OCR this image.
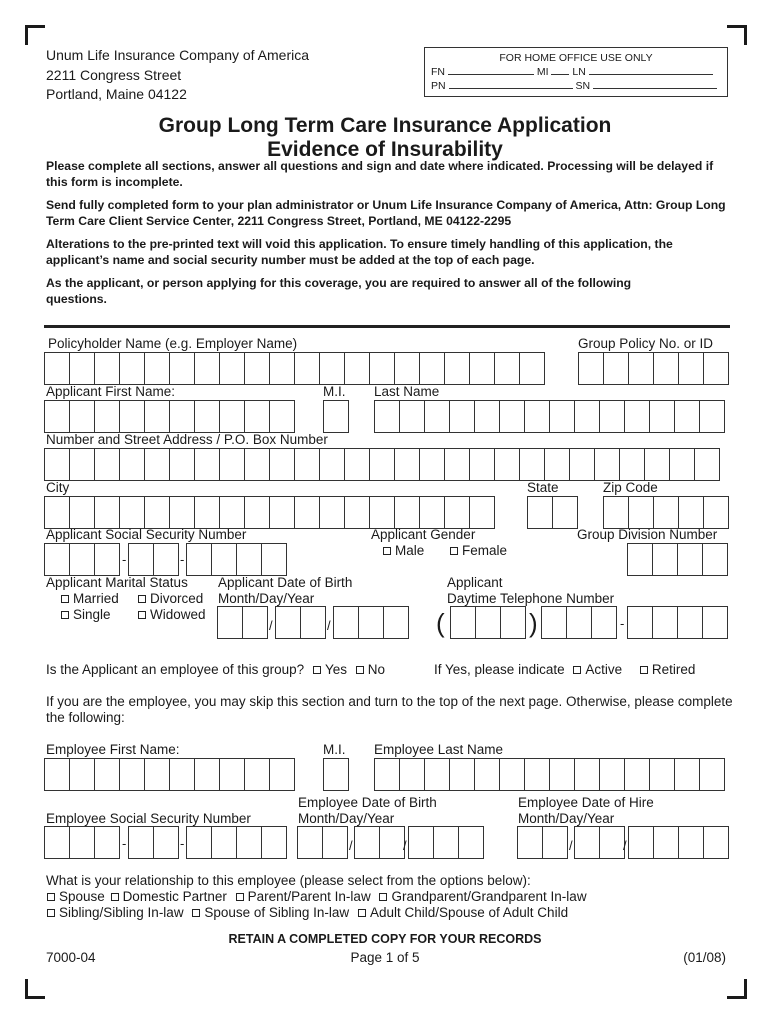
Unum Life Insurance Company of America
2211 Congress Street
Portland, Maine 04122
FOR HOME OFFICE USE ONLY
FN	MI LN
PN	SN
Group Long Term Care Insurance Application
Evidence of Insurability
Please complete all sections, answer all questions and sign and date where indicated. Processing will be delayed if this form is incomplete.
Send fully completed form to your plan administrator or Unum Life Insurance Company of America, Attn: Group Long Term Care Client Service Center, 2211 Congress Street, Portland, ME 04122-2295
Alterations to the pre-printed text will void this application. To ensure timely handling of this application, the applicant’s name and social security number must be added at the top of each page.
As the applicant, or person applying for this coverage, you are required to answer all of the following questions.
Policyholder Name (e.g. Employer Name)	Group Policy No. or ID
Applicant First Name:	M.I. Last Name
Number and Street Address / P.O. Box Number
City	State	Zip Code
Applicant Social Security Number	Applicant Gender
Male	Female
Group Division Number
-	-
Applicant Marital Status
Married	Divorced
Single	Widowed
Applicant Date of Birth
Month/Day/Year
Applicant
Daytime Telephone Number
/	/	(	)	-
Is the Applicant an employee of this group? Yes No	If Yes, please indicate Active Retired
If you are the employee, you may skip this section and turn to the top of the next page. Otherwise, please complete the following:
Employee First Name:	M.I. Employee Last Name
Employee Social Security Number
Employee Date of Birth
Month/Day/Year
Employee Date of Hire
Month/Day/Year
-	-	/	/	/	/
What is your relationship to this employee (please select from the options below):
Spouse Domestic Partner Parent/Parent In-law Grandparent/Grandparent In-law
Sibling/Sibling In-law Spouse of Sibling In-law Adult Child/Spouse of Adult Child
RETAIN A COMPLETED COPY FOR YOUR RECORDS
7000-04	Page 1 of 5	(01/08)
